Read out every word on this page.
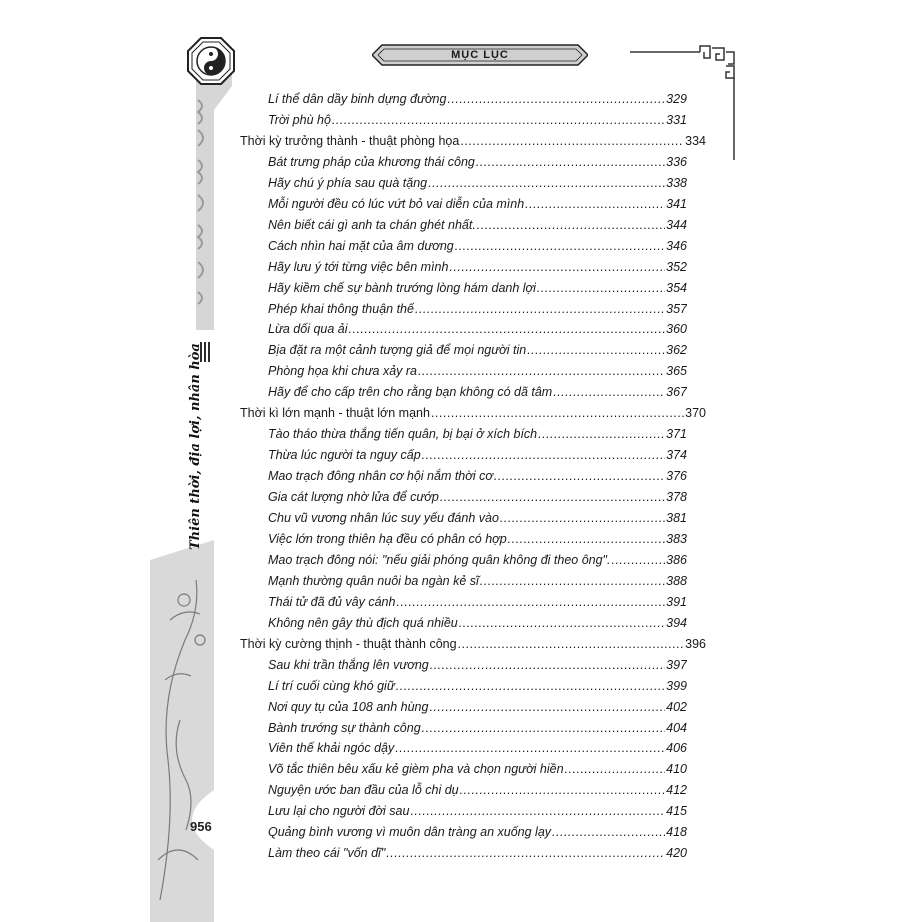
Thiên thời, địa lợi, nhân hòa
956
MỤC LỤC
Lí thể dân dầy binh dựng đường .....	329
Trời phù hộ .....	331
Thời kỳ trưởng thành - thuật phòng họa .....	334
Bát trưng pháp của khương thái công .....	336
Hãy chú ý phía sau quà tặng .....	338
Mỗi người đều có lúc vứt bỏ vai diễn của mình .....	341
Nên biết cái gì anh ta chán ghét nhất. .....	344
Cách nhìn hai mặt của âm dương .....	346
Hãy lưu ý tới từng việc bên mình .....	352
Hãy kiềm chế sự bành trướng lòng hám danh lợi .....	354
Phép khai thông thuận thế .....	357
Lừa dối qua ải .....	360
Bịa đặt ra một cảnh tượng giả để mọi người tin .....	362
Phòng họa khi chưa xảy ra .....	365
Hãy để cho cấp trên cho rằng bạn không có dã tâm .....	367
Thời kì lớn mạnh - thuật lớn mạnh .....	370
Tào tháo thừa thắng tiến quân, bị bại ở xích bích .....	371
Thừa lúc người ta nguy cấp .....	374
Mao trạch đông nhân cơ hội nắm thời cơ .....	376
Gia cát lượng nhờ lửa để cướp .....	378
Chu vũ vương nhân lúc suy yếu đánh vào .....	381
Việc lớn trong thiên hạ đều có phân có hợp .....	383
Mao trạch đông nói: "nếu giải phóng quân không đi theo ông". .....	386
Mạnh thường quân nuôi ba ngàn kẻ sĩ .....	388
Thái tử đã đủ vây cánh .....	391
Không nên gây thù địch quá nhiều .....	394
Thời kỳ cường thịnh - thuật thành công .....	396
Sau khi trần thắng lên vương .....	397
Lí trí cuối cùng khó giữ .....	399
Nơi quy tụ của 108 anh hùng .....	402
Bành trướng sự thành công .....	404
Viên thế khải ngóc dậy .....	406
Võ tắc thiên bêu xấu kẻ gièm pha và chọn người hiền .....	410
Nguyện ước ban đầu của lỗ chi dụ .....	412
Lưu lại cho người đời sau .....	415
Quảng bình vương vì muôn dân tràng an xuống lạy .....	418
Làm theo cái "vốn dĩ" .....	420
